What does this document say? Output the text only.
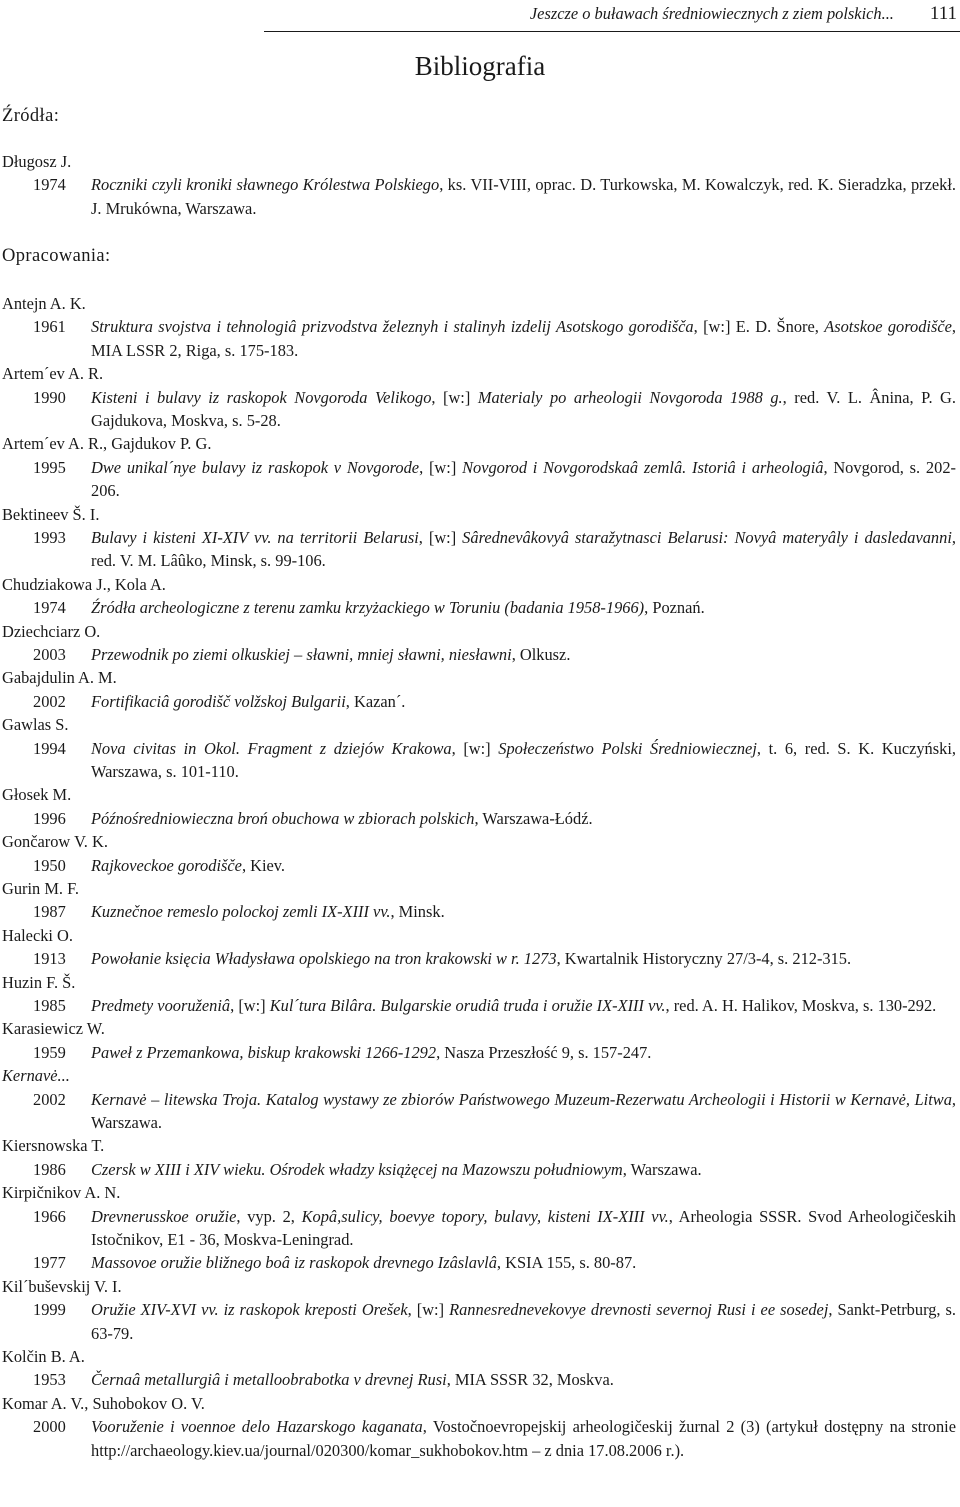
Jeszcze o buławach średniowiecznych z ziem polskich... 111
Bibliografia
Źródła:
Długosz J.
1974 Roczniki czyli kroniki sławnego Królestwa Polskiego, ks. VII-VIII, oprac. D. Turkowska, M. Kowalczyk, red. K. Sieradzka, przekł. J. Mrukówna, Warszawa.
Opracowania:
Antejn A. K.
1961 Struktura svojstva i tehnologiâ prizvodstva železnyh i stalinyh izdelij Asotskogo gorodišča, [w:] E. D. Šnore, Asotskoe gorodišče, MIA LSSR 2, Riga, s. 175-183.
Artem´ev A. R.
1990 Kisteni i bulavy iz raskopok Novgoroda Velikogo, [w:] Materialy po arheologii Novgoroda 1988 g., red. V. L. Ânina, P. G. Gajdukova, Moskva, s. 5-28.
Artem´ev A. R., Gajdukov P. G.
1995 Dwe unikal´nye bulavy iz raskopok v Novgorode, [w:] Novgorod i Novgorodskaâ zemlâ. Istoriâ i arheologiâ, Novgorod, s. 202-206.
Bektineev Š. I.
1993 Bulavy i kisteni XI-XIV vv. na territorii Belarusi, [w:] Sârednevâkovyâ staražytnasci Belarusi: Novyâ materyâly i dasledavanni, red. V. M. Lâûko, Minsk, s. 99-106.
Chudziakowa J., Kola A.
1974 Źródła archeologiczne z terenu zamku krzyżackiego w Toruniu (badania 1958-1966), Poznań.
Dziechciarz O.
2003 Przewodnik po ziemi olkuskiej – sławni, mniej sławni, niesławni, Olkusz.
Gabajdulin A. M.
2002 Fortifikaciâ gorodišč volžskoj Bulgarii, Kazan´.
Gawlas S.
1994 Nova civitas in Okol. Fragment z dziejów Krakowa, [w:] Społeczeństwo Polski Średniowiecznej, t. 6, red. S. K. Kuczyński, Warszawa, s. 101-110.
Głosek M.
1996 Późnośredniowieczna broń obuchowa w zbiorach polskich, Warszawa-Łódź.
Gončarow V. K.
1950 Rajkoveckoe gorodišče, Kiev.
Gurin M. F.
1987 Kuznečnoe remeslo polockoj zemli IX-XIII vv., Minsk.
Halecki O.
1913 Powołanie księcia Władysława opolskiego na tron krakowski w r. 1273, Kwartalnik Historyczny 27/3-4, s. 212-315.
Huzin F. Š.
1985 Predmety vooruženiâ, [w:] Kul´tura Bilâra. Bulgarskie orudiâ truda i oružie IX-XIII vv., red. A. H. Halikov, Moskva, s. 130-292.
Karasiewicz W.
1959 Paweł z Przemankowa, biskup krakowski 1266-1292, Nasza Przeszłość 9, s. 157-247.
Kernavė...
2002 Kernavė – litewska Troja. Katalog wystawy ze zbiorów Państwowego Muzeum-Rezerwatu Archeologii i Historii w Kernavė, Litwa, Warszawa.
Kiersnowska T.
1986 Czersk w XIII i XIV wieku. Ośrodek władzy książęcej na Mazowszu południowym, Warszawa.
Kirpičnikov A. N.
1966 Drevnerusskoe oružie, vyp. 2, Kopâ,sulicy, boevye topory, bulavy, kisteni IX-XIII vv., Arheologia SSSR. Svod Arheologičeskih Istočnikov, E1 - 36, Moskva-Leningrad.
1977 Massovoe oružie bližnego boâ iz raskopok drevnego Izâslavlâ, KSIA 155, s. 80-87.
Kil´buševskij V. I.
1999 Oružie XIV-XVI vv. iz raskopok kreposti Orešek, [w:] Rannesrednevekovye drevnosti severnoj Rusi i ee sosedej, Sankt-Petrburg, s. 63-79.
Kolčin B. A.
1953 Černaâ metallurgiâ i metalloobrabotka v drevnej Rusi, MIA SSSR 32, Moskva.
Komar A. V., Suhobokov O. V.
2000 Vooruženie i voennoe delo Hazarskogo kaganata, Vostočnoevropejskij arheologičeskij žurnal 2 (3) (artykuł dostępny na stronie http://archaeology.kiev.ua/journal/020300/komar_sukhobokov.htm – z dnia 17.08.2006 r.).
